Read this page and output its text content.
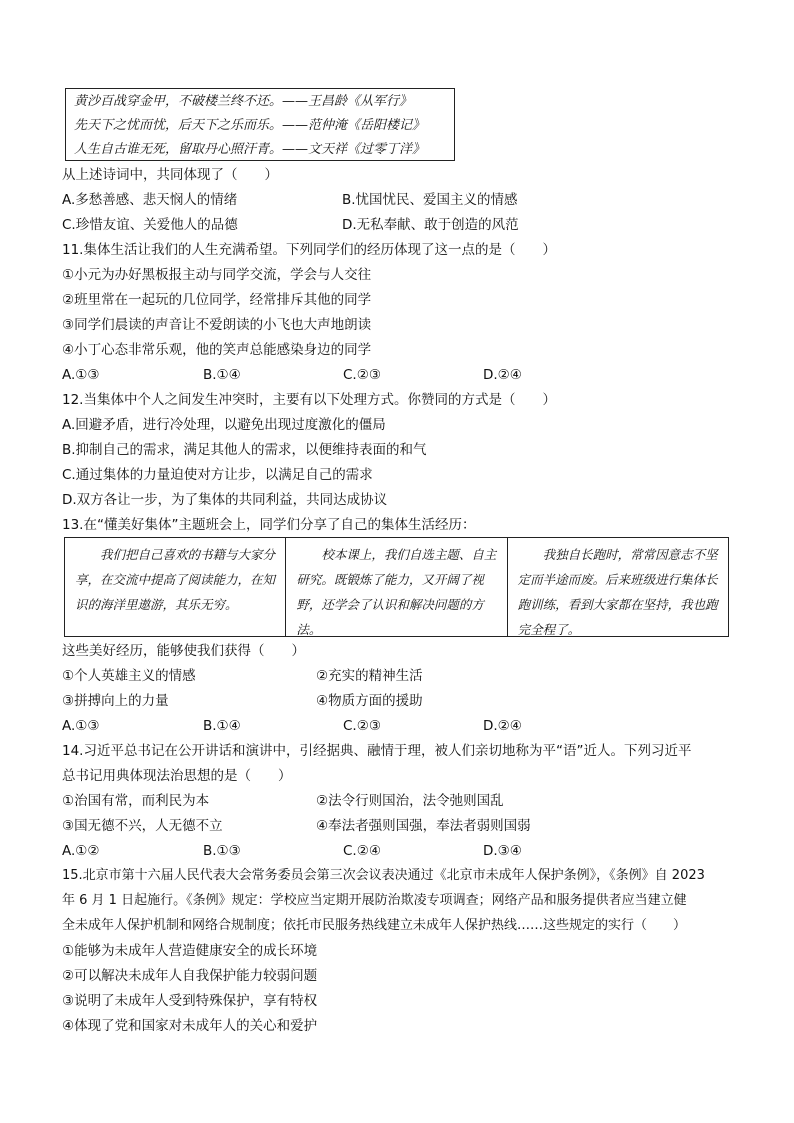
黄沙百战穿金甲，不破楼兰终不还。——王昌龄《从军行》
先天下之忧而忧，后天下之乐而乐。——范仲淹《岳阳楼记》
人生自古谁无死，留取丹心照汗青。——文天祥《过零丁洋》
从上述诗词中，共同体现了（　　）
A.多愁善感、悲天悯人的情绪	B.忧国忧民、爱国主义的情感
C.珍惜友谊、关爱他人的品德	D.无私奉献、敢于创造的风范
11.集体生活让我们的人生充满希望。下列同学们的经历体现了这一点的是（　　）
①小元为办好黑板报主动与同学交流，学会与人交往
②班里常在一起玩的几位同学，经常排斥其他的同学
③同学们晨读的声音让不爱朗读的小飞也大声地朗读
④小丁心态非常乐观，他的笑声总能感染身边的同学
A.①③	B.①④	C.②③	D.②④
12.当集体中个人之间发生冲突时，主要有以下处理方式。你赞同的方式是（　　）
A.回避矛盾，进行冷处理，以避免出现过度激化的僵局
B.抑制自己的需求，满足其他人的需求，以便维持表面的和气
C.通过集体的力量迫使对方让步，以满足自己的需求
D.双方各让一步，为了集体的共同利益，共同达成协议
13.在“懂美好集体”主题班会上，同学们分享了自己的集体生活经历：
我们把自己喜欢的书籍与大家分享，在交流中提高了阅读能力，在知识的海洋里遨游，其乐无穷。
校本课上，我们自选主题、自主研究。既锻炼了能力，又开阔了视野，还学会了认识和解决问题的方法。
我独自长跑时，常常因意志不坚定而半途而废。后来班级进行集体长跑训练，看到大家都在坚持，我也跑完全程了。
这些美好经历，能够使我们获得（　　）
①个人英雄主义的情感	②充实的精神生活
③拼搏向上的力量	④物质方面的援助
A.①③	B.①④	C.②③	D.②④
14.习近平总书记在公开讲话和演讲中，引经据典、融情于理，被人们亲切地称为平“语”近人。下列习近平
总书记用典体现法治思想的是（　　）
①治国有常，而利民为本	②法令行则国治，法令弛则国乱
③国无德不兴，人无德不立	④奉法者强则国强，奉法者弱则国弱
A.①②	B.①③	C.②④	D.③④
15.北京市第十六届人民代表大会常务委员会第三次会议表决通过《北京市未成年人保护条例》，《条例》自 2023
年 6 月 1 日起施行。《条例》规定：学校应当定期开展防治欺凌专项调查；网络产品和服务提供者应当建立健
全未成年人保护机制和网络合规制度；依托市民服务热线建立未成年人保护热线……这些规定的实行（　　）
①能够为未成年人营造健康安全的成长环境
②可以解决未成年人自我保护能力较弱问题
③说明了未成年人受到特殊保护，享有特权
④体现了党和国家对未成年人的关心和爱护
